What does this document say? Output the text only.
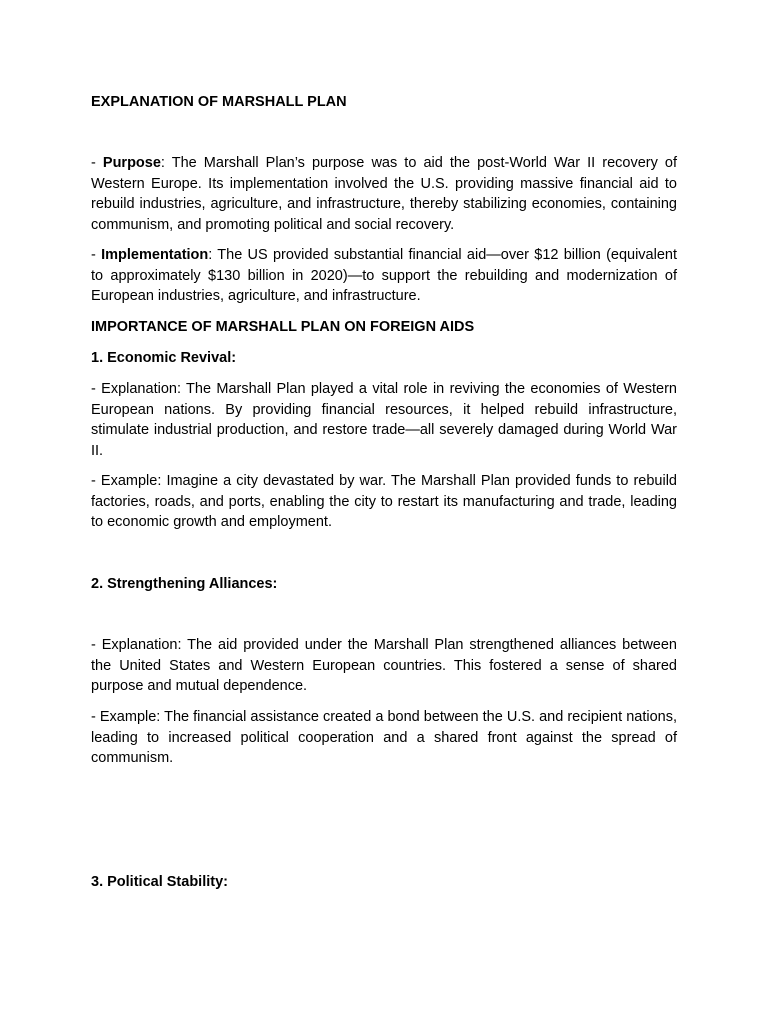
EXPLANATION OF MARSHALL PLAN

- Purpose: The Marshall Plan’s purpose was to aid the post-World War II recovery of Western Europe. Its implementation involved the U.S. providing massive financial aid to rebuild industries, agriculture, and infrastructure, thereby stabilizing economies, containing communism, and promoting political and social recovery.

- Implementation: The US provided substantial financial aid—over $12 billion (equivalent to approximately $130 billion in 2020)—to support the rebuilding and modernization of European industries, agriculture, and infrastructure.

IMPORTANCE OF MARSHALL PLAN ON FOREIGN AIDS

1. Economic Revival:

- Explanation: The Marshall Plan played a vital role in reviving the economies of Western European nations. By providing financial resources, it helped rebuild infrastructure, stimulate industrial production, and restore trade—all severely damaged during World War II.

- Example: Imagine a city devastated by war. The Marshall Plan provided funds to rebuild factories, roads, and ports, enabling the city to restart its manufacturing and trade, leading to economic growth and employment.

2. Strengthening Alliances:

- Explanation: The aid provided under the Marshall Plan strengthened alliances between the United States and Western European countries. This fostered a sense of shared purpose and mutual dependence.

- Example: The financial assistance created a bond between the U.S. and recipient nations, leading to increased political cooperation and a shared front against the spread of communism.

3. Political Stability:
